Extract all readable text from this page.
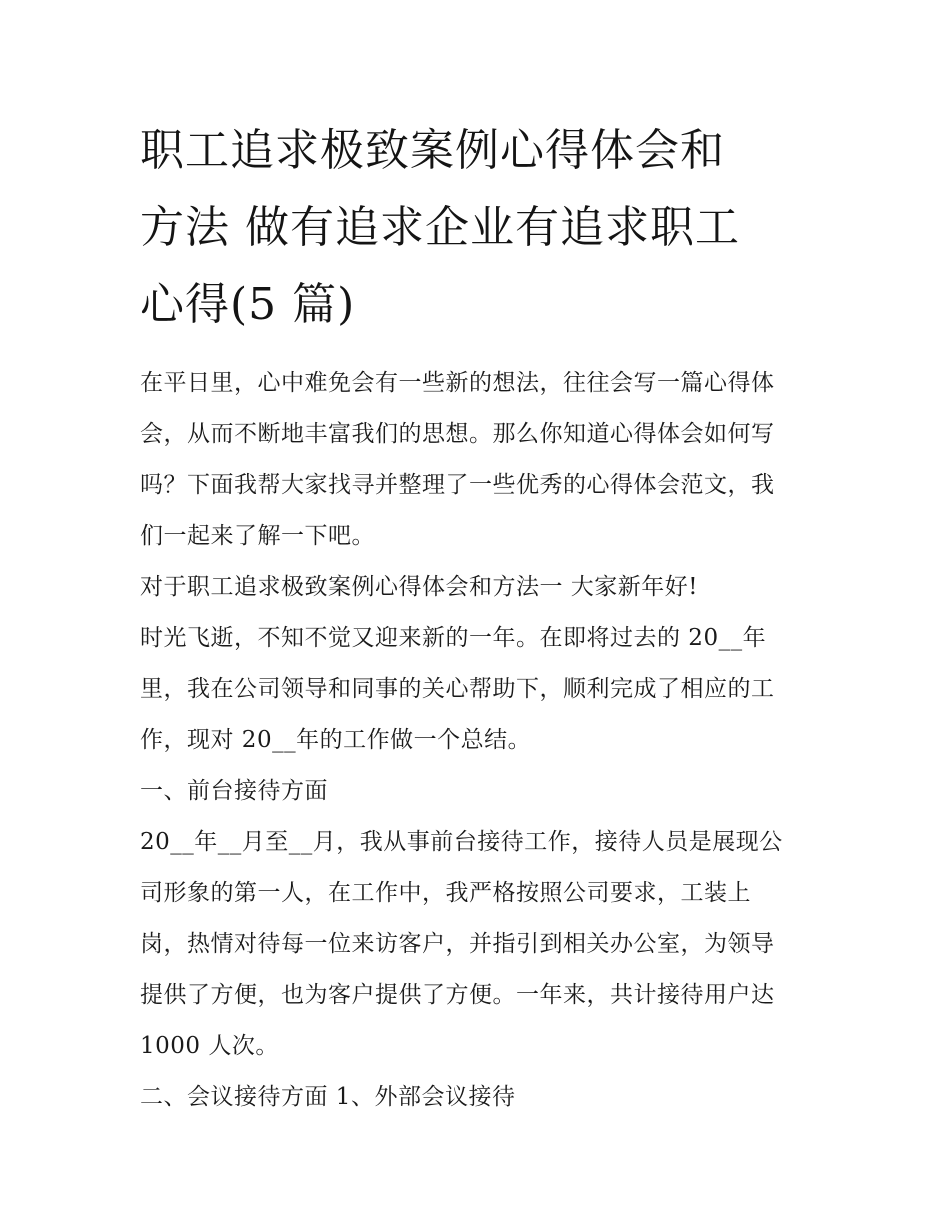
职工追求极致案例心得体会和
方法 做有追求企业有追求职工
心得(5 篇)

在平日里，心中难免会有一些新的想法，往往会写一篇心得体
会，从而不断地丰富我们的思想。那么你知道心得体会如何写
吗？下面我帮大家找寻并整理了一些优秀的心得体会范文，我
们一起来了解一下吧。

对于职工追求极致案例心得体会和方法一 大家新年好!

时光飞逝，不知不觉又迎来新的一年。在即将过去的 20__年
里，我在公司领导和同事的关心帮助下，顺利完成了相应的工
作，现对 20__年的工作做一个总结。

一、前台接待方面

20__年__月至__月，我从事前台接待工作，接待人员是展现公
司形象的第一人，在工作中，我严格按照公司要求，工装上
岗，热情对待每一位来访客户，并指引到相关办公室，为领导
提供了方便，也为客户提供了方便。一年来，共计接待用户达
1000 人次。

二、会议接待方面 1、外部会议接待
